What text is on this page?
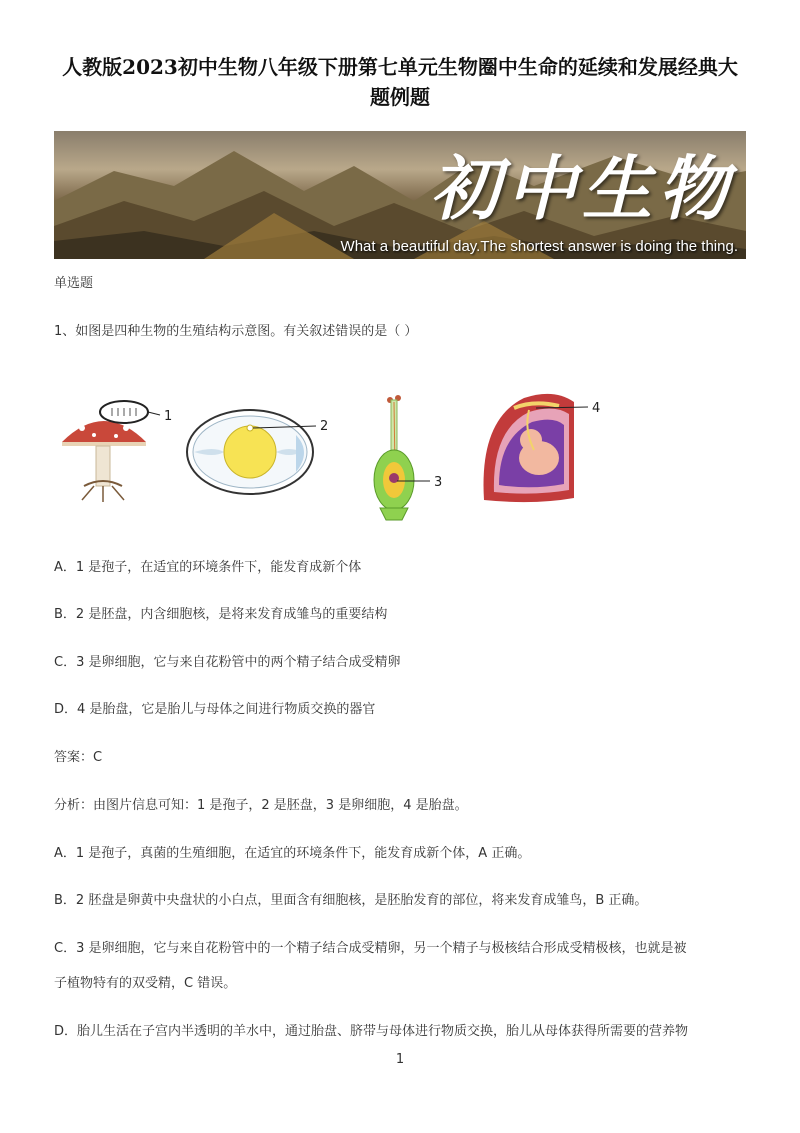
人教版2023初中生物八年级下册第七单元生物圈中生命的延续和发展经典大
题例题
初中生物
What a beautiful day.The shortest answer is doing the thing.
单选题
1、如图是四种生物的生殖结构示意图。有关叙述错误的是（ ）
1
2
3
4
A．1 是孢子，在适宜的环境条件下，能发育成新个体
B．2 是胚盘，内含细胞核，是将来发育成雏鸟的重要结构
C．3 是卵细胞，它与来自花粉管中的两个精子结合成受精卵
D．4 是胎盘，它是胎儿与母体之间进行物质交换的器官
答案：C
分析：由图片信息可知：1 是孢子，2 是胚盘，3 是卵细胞，4 是胎盘。
A．1 是孢子，真菌的生殖细胞，在适宜的环境条件下，能发育成新个体，A 正确。
B．2 胚盘是卵黄中央盘状的小白点，里面含有细胞核，是胚胎发育的部位，将来发育成雏鸟，B 正确。
C．3 是卵细胞，它与来自花粉管中的一个精子结合成受精卵，另一个精子与极核结合形成受精极核，也就是被
子植物特有的双受精，C 错误。
D．胎儿生活在子宫内半透明的羊水中，通过胎盘、脐带与母体进行物质交换，胎儿从母体获得所需要的营养物
1
